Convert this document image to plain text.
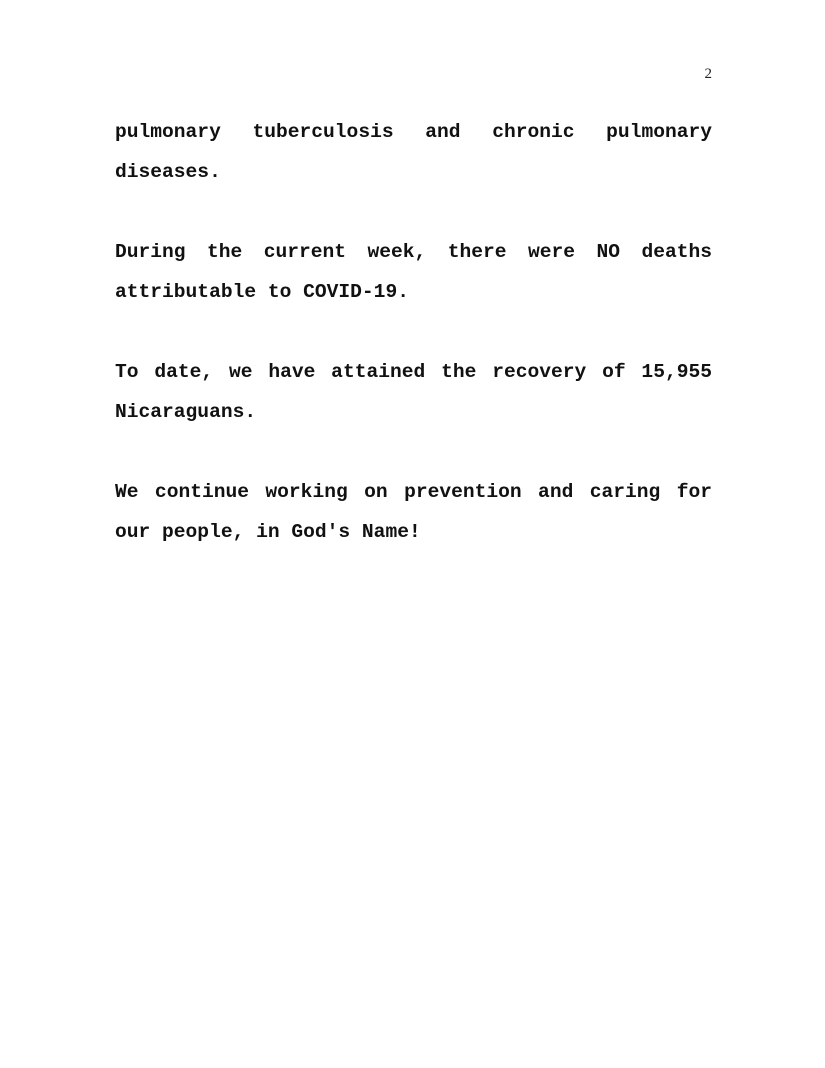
2

pulmonary tuberculosis and chronic pulmonary diseases.

During the current week, there were NO deaths attributable to COVID-19.

To date, we have attained the recovery of 15,955 Nicaraguans.

We continue working on prevention and caring for our people, in God's Name!
